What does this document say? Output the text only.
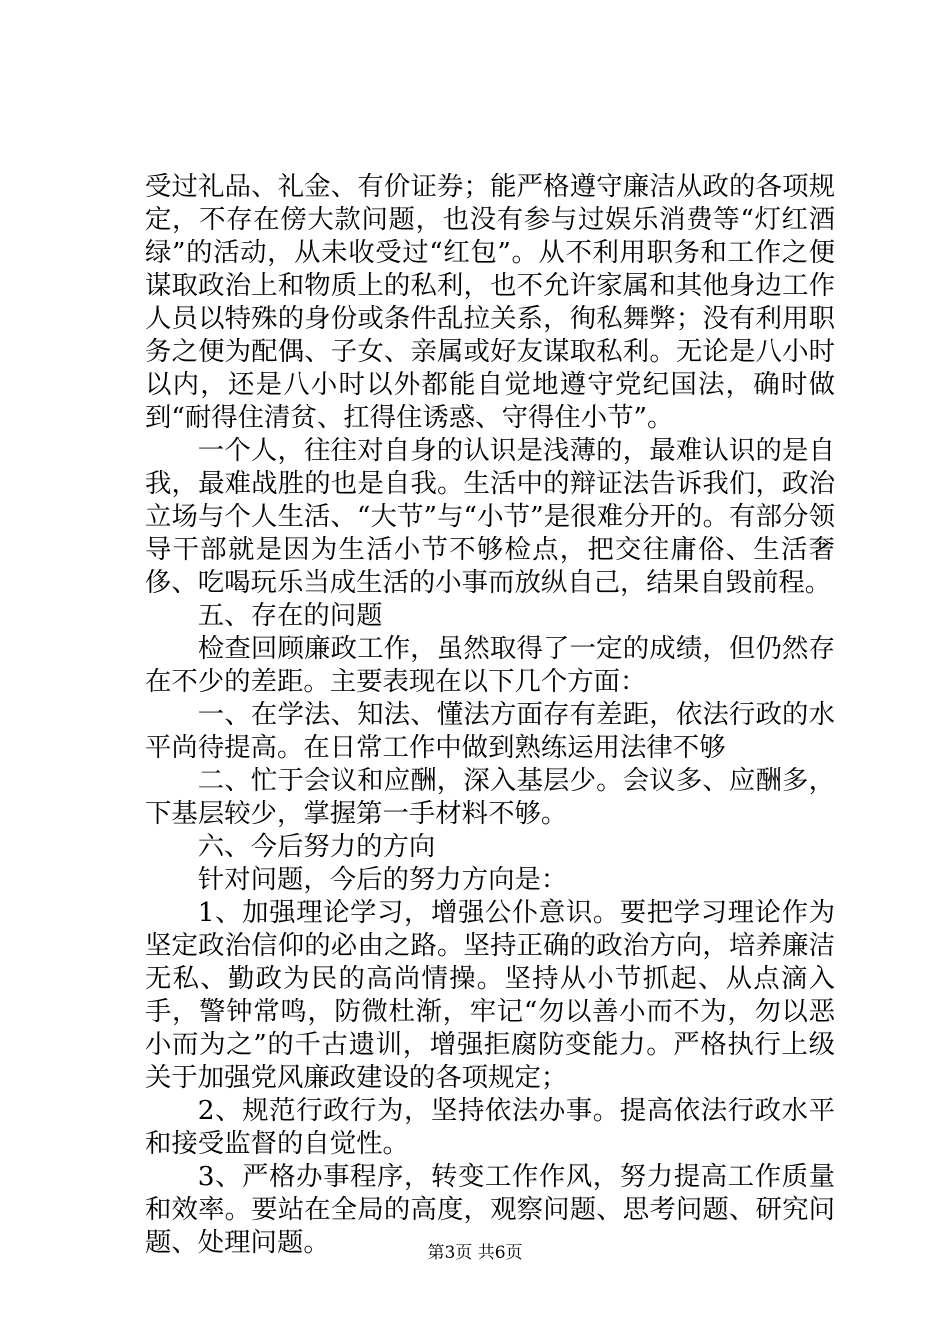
受过礼品、礼金、有价证券；能严格遵守廉洁从政的各项规定，不存在傍大款问题，也没有参与过娱乐消费等“灯红酒绿”的活动，从未收受过“红包”。从不利用职务和工作之便谋取政治上和物质上的私利，也不允许家属和其他身边工作人员以特殊的身份或条件乱拉关系，徇私舞弊；没有利用职务之便为配偶、子女、亲属或好友谋取私利。无论是八小时以内，还是八小时以外都能自觉地遵守党纪国法，确时做到“耐得住清贫、扛得住诱惑、守得住小节”。

一个人，往往对自身的认识是浅薄的，最难认识的是自我，最难战胜的也是自我。生活中的辩证法告诉我们，政治立场与个人生活、“大节”与“小节”是很难分开的。有部分领导干部就是因为生活小节不够检点，把交往庸俗、生活奢侈、吃喝玩乐当成生活的小事而放纵自己，结果自毁前程。

五、存在的问题

检查回顾廉政工作，虽然取得了一定的成绩，但仍然存在不少的差距。主要表现在以下几个方面：

一、在学法、知法、懂法方面存有差距，依法行政的水平尚待提高。在日常工作中做到熟练运用法律不够

二、忙于会议和应酬，深入基层少。会议多、应酬多，下基层较少，掌握第一手材料不够。

六、今后努力的方向

针对问题，今后的努力方向是：

1、加强理论学习，增强公仆意识。要把学习理论作为坚定政治信仰的必由之路。坚持正确的政治方向，培养廉洁无私、勤政为民的高尚情操。坚持从小节抓起、从点滴入手，警钟常鸣，防微杜渐，牢记“勿以善小而不为，勿以恶小而为之”的千古遗训，增强拒腐防变能力。严格执行上级关于加强党风廉政建设的各项规定；

2、规范行政行为，坚持依法办事。提高依法行政水平和接受监督的自觉性。

3、严格办事程序，转变工作作风，努力提高工作质量和效率。要站在全局的高度，观察问题、思考问题、研究问题、处理问题。	第3页 共6页
